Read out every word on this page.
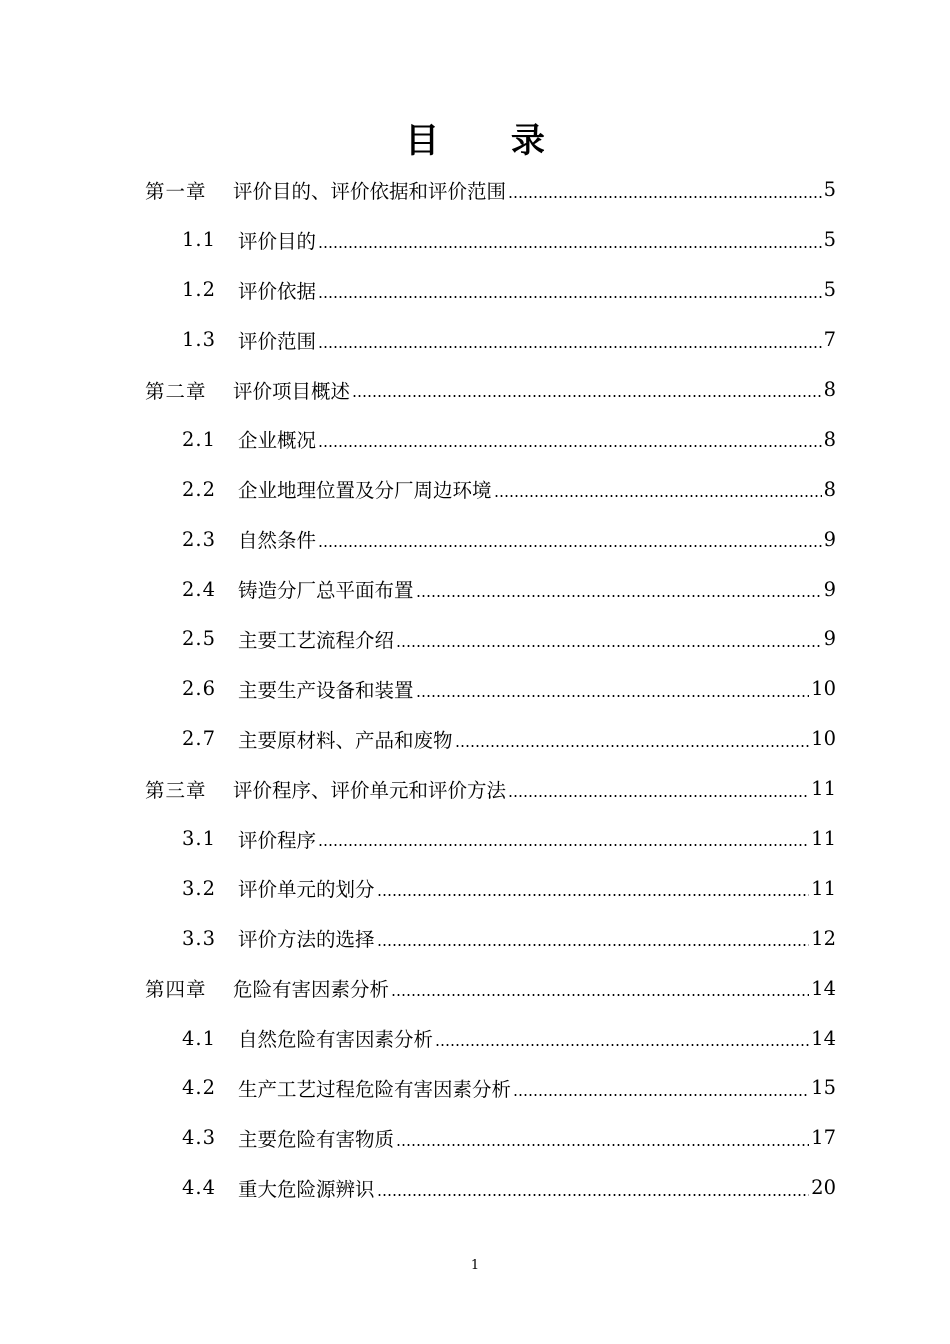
目 录
第一章	评价目的、评价依据和评价范围	5
1.1	评价目的	5
1.2	评价依据	5
1.3	评价范围	7
第二章	评价项目概述	8
2.1	企业概况	8
2.2	企业地理位置及分厂周边环境	8
2.3	自然条件	9
2.4	铸造分厂总平面布置	9
2.5	主要工艺流程介绍	9
2.6	主要生产设备和装置	10
2.7	主要原材料、产品和废物	10
第三章	评价程序、评价单元和评价方法	11
3.1	评价程序	11
3.2	评价单元的划分	11
3.3	评价方法的选择	12
第四章	危险有害因素分析	14
4.1	自然危险有害因素分析	14
4.2	生产工艺过程危险有害因素分析	15
4.3	主要危险有害物质	17
4.4	重大危险源辨识	20
1
